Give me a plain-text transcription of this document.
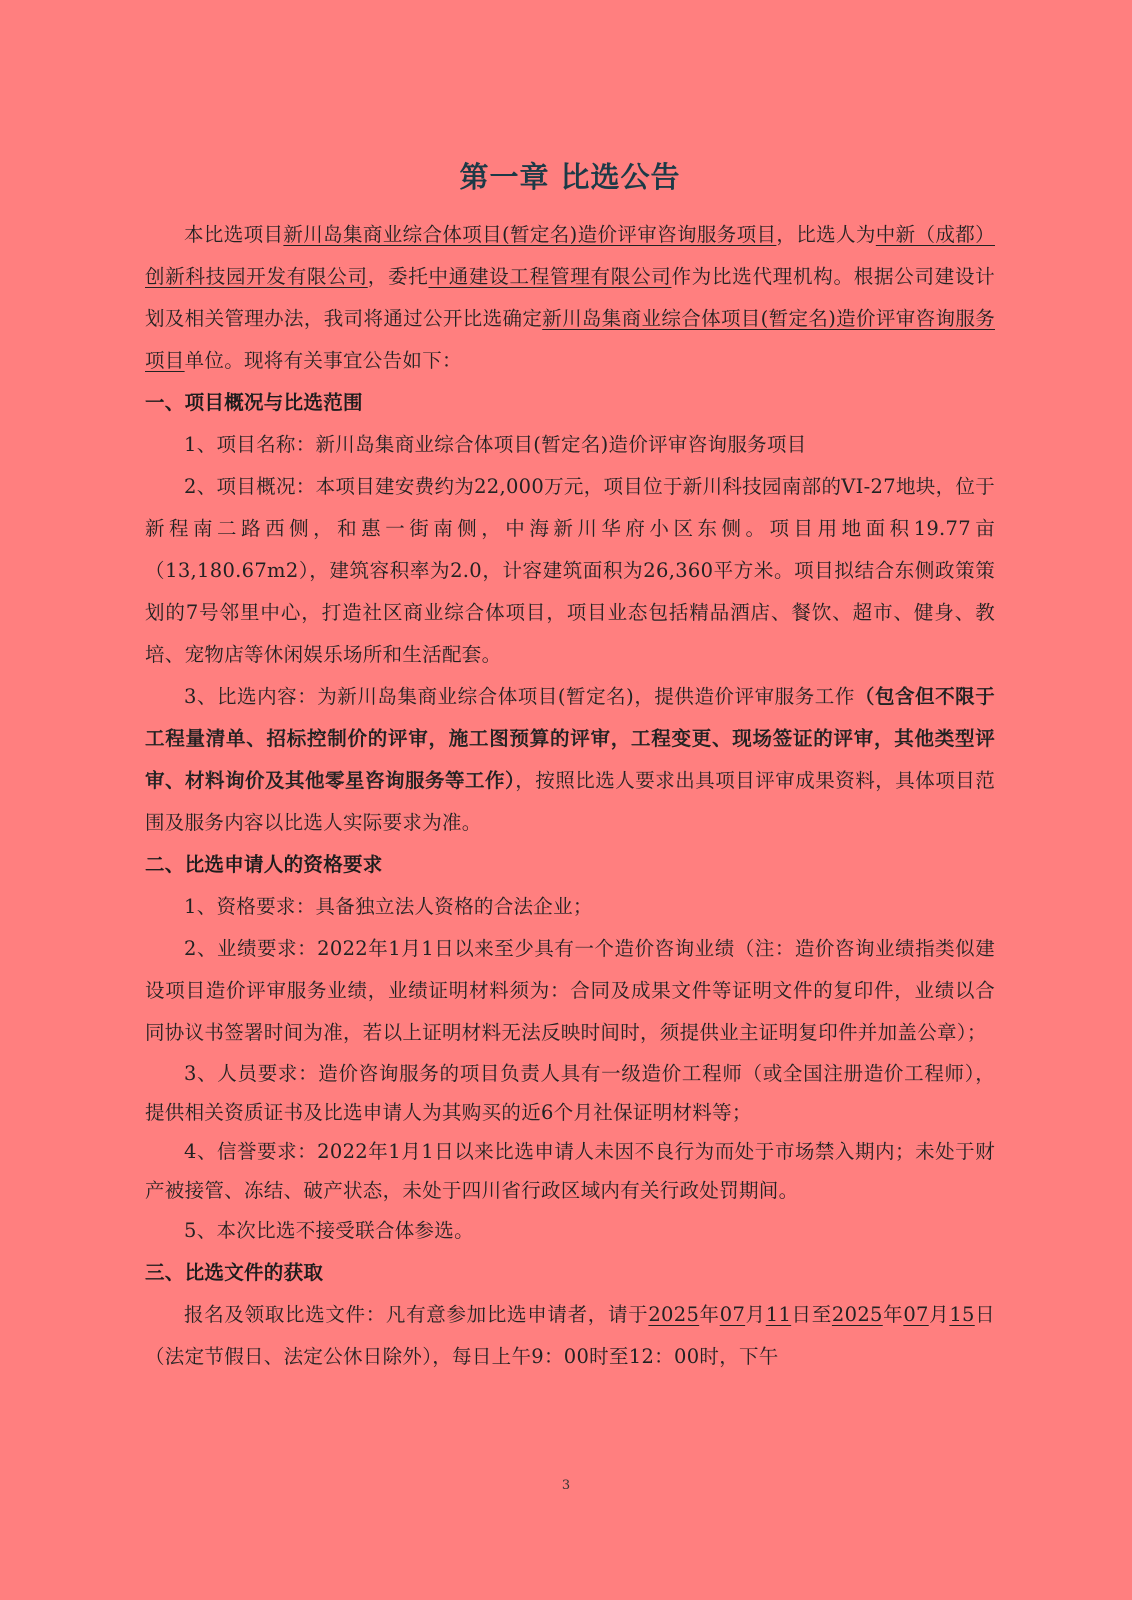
第一章 比选公告

本比选项目新川岛集商业综合体项目(暂定名)造价评审咨询服务项目，比选人为中新（成都）创新科技园开发有限公司，委托中通建设工程管理有限公司作为比选代理机构。根据公司建设计划及相关管理办法，我司将通过公开比选确定新川岛集商业综合体项目(暂定名)造价评审咨询服务项目单位。现将有关事宜公告如下：

一、项目概况与比选范围

1、项目名称：新川岛集商业综合体项目(暂定名)造价评审咨询服务项目

2、项目概况：本项目建安费约为22,000万元，项目位于新川科技园南部的VI-27地块，位于新程南二路西侧，和惠一街南侧，中海新川华府小区东侧。项目用地面积19.77亩（13,180.67m2），建筑容积率为2.0，计容建筑面积为26,360平方米。项目拟结合东侧政策策划的7号邻里中心，打造社区商业综合体项目，项目业态包括精品酒店、餐饮、超市、健身、教培、宠物店等休闲娱乐场所和生活配套。

3、比选内容：为新川岛集商业综合体项目(暂定名)，提供造价评审服务工作（包含但不限于工程量清单、招标控制价的评审，施工图预算的评审，工程变更、现场签证的评审，其他类型评审、材料询价及其他零星咨询服务等工作），按照比选人要求出具项目评审成果资料，具体项目范围及服务内容以比选人实际要求为准。

二、比选申请人的资格要求

1、资格要求：具备独立法人资格的合法企业；

2、业绩要求：2022年1月1日以来至少具有一个造价咨询业绩（注：造价咨询业绩指类似建设项目造价评审服务业绩，业绩证明材料须为：合同及成果文件等证明文件的复印件，业绩以合同协议书签署时间为准，若以上证明材料无法反映时间时，须提供业主证明复印件并加盖公章）；

3、人员要求：造价咨询服务的项目负责人具有一级造价工程师（或全国注册造价工程师），提供相关资质证书及比选申请人为其购买的近6个月社保证明材料等；

4、信誉要求：2022年1月1日以来比选申请人未因不良行为而处于市场禁入期内；未处于财产被接管、冻结、破产状态，未处于四川省行政区域内有关行政处罚期间。

5、本次比选不接受联合体参选。

三、比选文件的获取

报名及领取比选文件：凡有意参加比选申请者，请于2025年07月11日至2025年07月15日（法定节假日、法定公休日除外），每日上午9：00时至12：00时，下午

3
